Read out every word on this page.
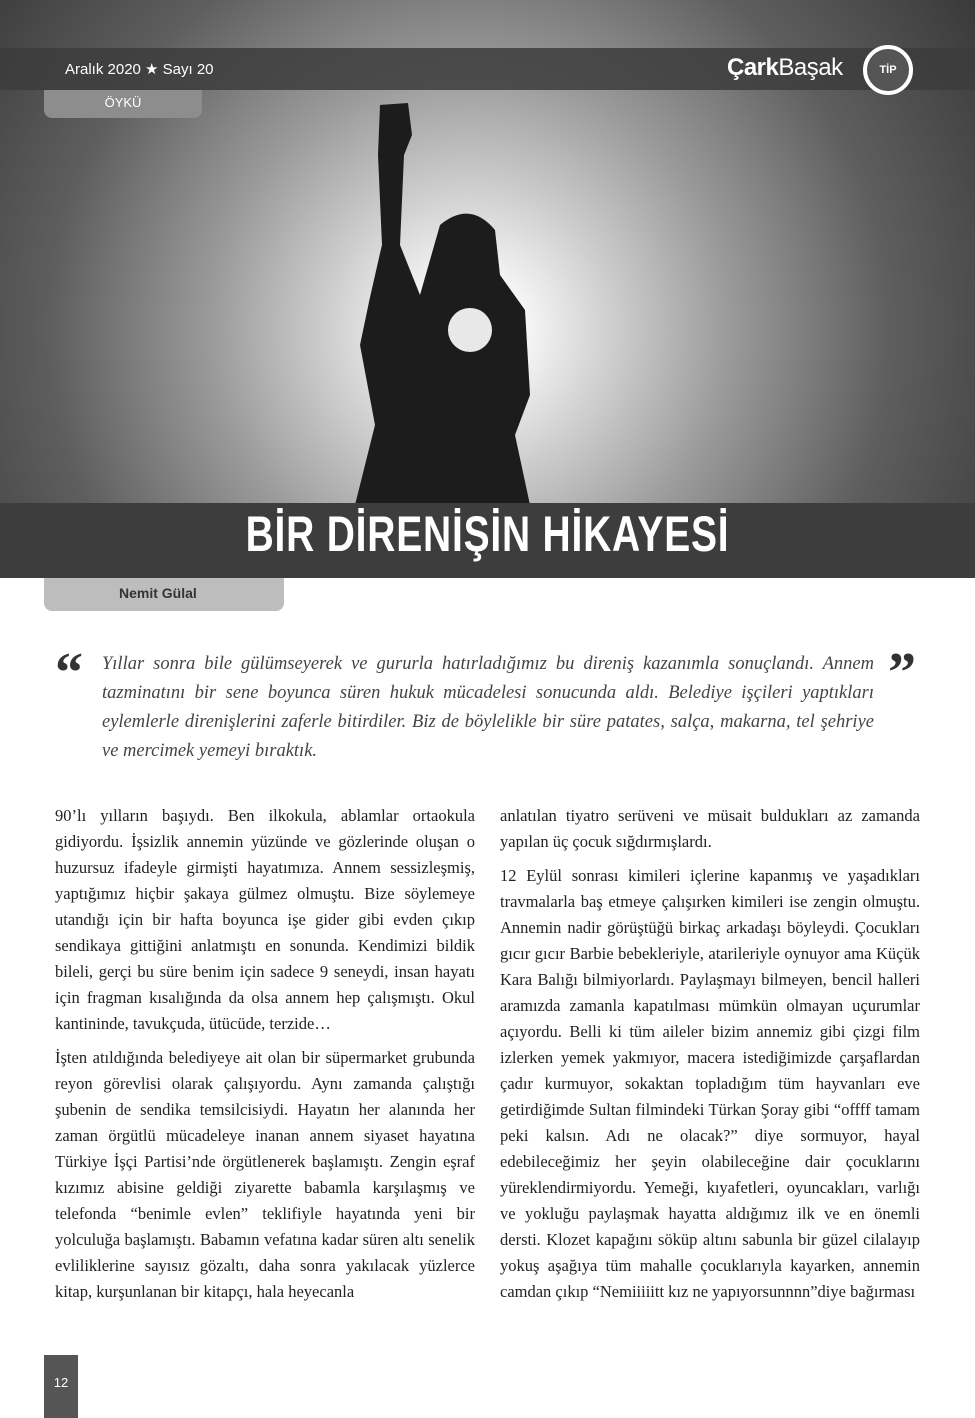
Aralık 2020 ★ Sayı 20	ÇarkBaşak	TİP
ÖYKÜ
BİR DİRENİŞİN HİKAYESİ
Nemit Gülal
“	”

Yıllar sonra bile gülümseyerek ve gururla hatırladığımız bu direniş kazanımla sonuçlandı. Annem tazminatını bir sene boyunca süren hukuk mücadelesi sonucunda aldı. Belediye işçileri yaptıkları eylemlerle direnişlerini zaferle bitirdiler. Biz de böylelikle bir süre patates, salça, makarna, tel şehriye ve mercimek yemeyi bıraktık.

90’lı yılların başıydı. Ben ilkokula, ablamlar ortaokula gidiyordu. İşsizlik annemin yüzünde ve gözlerinde oluşan o huzursuz ifadeyle girmişti hayatımıza. Annem sessizleşmiş, yaptığımız hiçbir şakaya gülmez olmuştu. Bize söylemeye utandığı için bir hafta boyunca işe gider gibi evden çıkıp sendikaya gittiğini anlatmıştı en sonunda. Kendimizi bildik bileli, gerçi bu süre benim için sadece 9 seneydi, insan hayatı için fragman kısalığında da olsa annem hep çalışmıştı. Okul kantininde, tavukçuda, ütücüde, terzide…

İşten atıldığında belediyeye ait olan bir süpermarket grubunda reyon görevlisi olarak çalışıyordu. Aynı zamanda çalıştığı şubenin de sendika temsilcisiydi. Hayatın her alanında her zaman örgütlü mücadeleye inanan annem siyaset hayatına Türkiye İşçi Partisi’nde örgütlenerek başlamıştı. Zengin eşraf kızımız abisine geldiği ziyarette babamla karşılaşmış ve telefonda “benimle evlen” teklifiyle hayatında yeni bir yolculuğa başlamıştı. Babamın vefatına kadar süren altı senelik evliliklerine sayısız gözaltı, daha sonra yakılacak yüzlerce kitap, kurşunlanan bir kitapçı, hala heyecanla

anlatılan tiyatro serüveni ve müsait buldukları az zamanda yapılan üç çocuk sığdırmışlardı.

12 Eylül sonrası kimileri içlerine kapanmış ve yaşadıkları travmalarla baş etmeye çalışırken kimileri ise zengin olmuştu. Annemin nadir görüştüğü birkaç arkadaşı böyleydi. Çocukları gıcır gıcır Barbie bebekleriyle, atarileriyle oynuyor ama Küçük Kara Balığı bilmiyorlardı. Paylaşmayı bilmeyen, bencil halleri aramızda zamanla kapatılması mümkün olmayan uçurumlar açıyordu. Belli ki tüm aileler bizim annemiz gibi çizgi film izlerken yemek yakmıyor, macera istediğimizde çarşaflardan çadır kurmuyor, sokaktan topladığım tüm hayvanları eve getirdiğimde Sultan filmindeki Türkan Şoray gibi “offff tamam peki kalsın. Adı ne olacak?” diye sormuyor, hayal edebileceğimiz her şeyin olabileceğine dair çocuklarını yüreklendirmiyordu. Yemeği, kıyafetleri, oyuncakları, varlığı ve yokluğu paylaşmak hayatta aldığımız ilk ve en önemli dersti. Klozet kapağını söküp altını sabunla bir güzel cilalayıp yokuş aşağıya tüm mahalle çocuklarıyla kayarken, annemin camdan çıkıp “Nemiiiiitt kız ne yapıyorsunnnn”diye bağırması

12
